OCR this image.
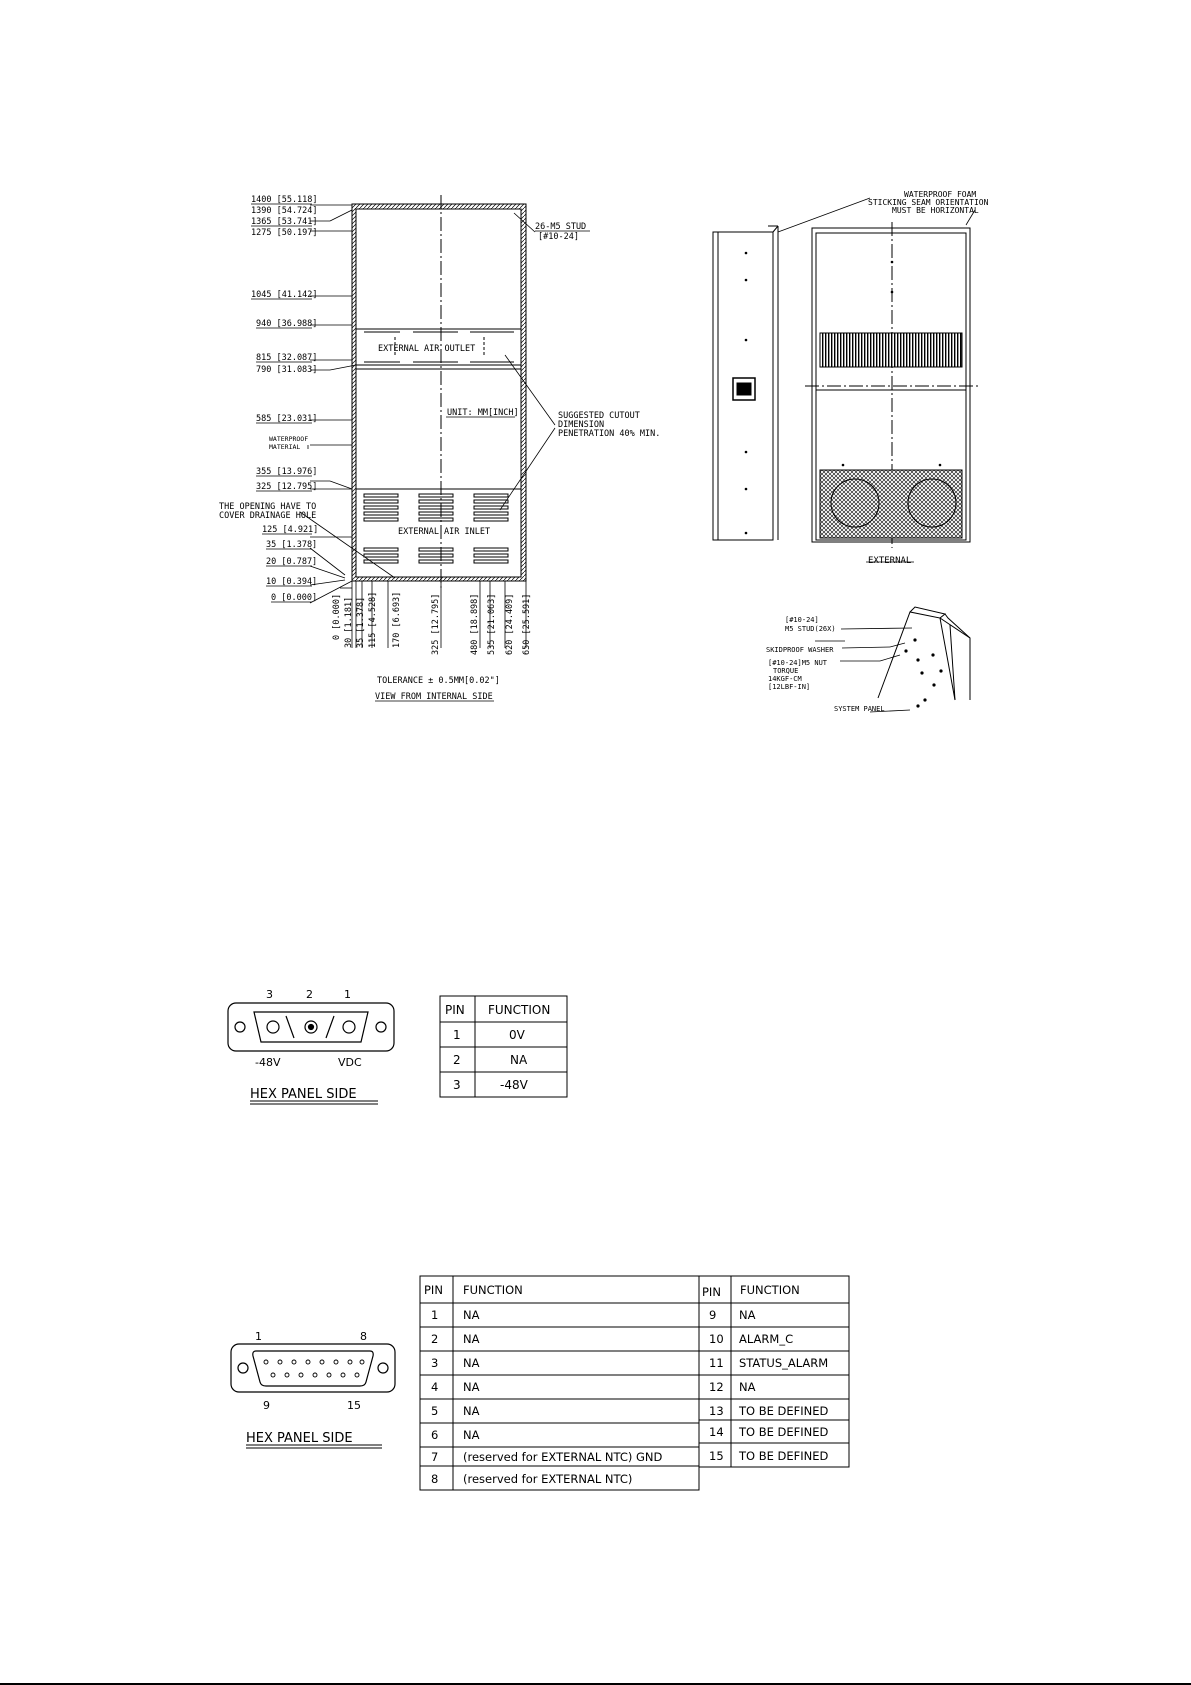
1400 [55.118]
1390 [54.724]
1365 [53.741]
1275 [50.197]
1045 [41.142]
940 [36.988]
815 [32.087]
790 [31.083]
585 [23.031]
355 [13.976]
325 [12.795]
125 [4.921]
35 [1.378]
20 [0.787]
10 [0.394]
0 [0.000] 0 [0.000] 30 [1.181] 35 [1.378] 115 [4.528] 170 [6.693]	325 [12.795]	480 [18.898] 535 [21.063] 620 [24.409] 650 [25.591]
26-M5 STUD
[#10-24]
EXTERNAL AIR OUTLET
EXTERNAL AIR INLET
UNIT: MM[INCH]	SUGGESTED CUTOUT
DIMENSION
PENETRATION 40% MIN.
WATERPROOF
MATERIAL
THE OPENING HAVE TO
COVER DRAINAGE HOLE
TOLERANCE ± 0.5MM[0.02"]
VIEW FROM INTERNAL SIDE
WATERPROOF FOAM
STICKING SEAM ORIENTATION
MUST BE HORIZONTAL
EXTERNAL
[#10-24]
M5 STUD(26X)
SKIDPROOF WASHER
[#10-24]M5 NUT
TORQUE
14KGF-CM
[12LBF-IN]
SYSTEM PANEL
3	2	1
-48V	VDC
HEX PANEL SIDE
PIN FUNCTION
1	0V
2	NA
3	-48V
1	8
9	15
HEX PANEL SIDE
PIN FUNCTION	PIN FUNCTION
1 NA
2 NA
3 NA
4 NA
5 NA
6 NA
7 (reserved for EXTERNAL NTC) GND
8 (reserved for EXTERNAL NTC)
9 NA
10 ALARM_C
11 STATUS_ALARM
12 NA
13 TO BE DEFINED
14 TO BE DEFINED
15 TO BE DEFINED
